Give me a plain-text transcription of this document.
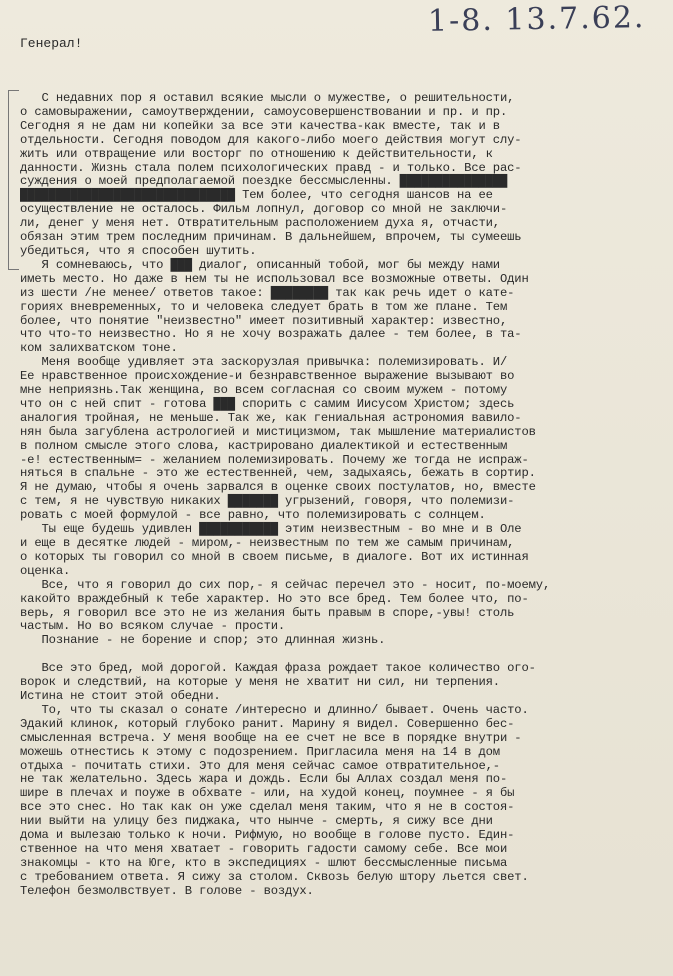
1-8. 13.7.62.
Генерал!
С недавних пор я оставил всякие мысли о мужестве, о решительности,
о самовыражении, самоутверждении, самоусовершенствовании и пр. и пр.
Сегодня я не дам ни копейки за все эти качества-как вместе, так и в
отдельности. Сегодня поводом для какого-либо моего действия могут слу-
жить или отвращение или восторг по отношению к действительности, к
данности. Жизнь стала полем психологических правд - и только. Все рас-
суждения о моей предполагаемой поездке бессмысленны. ███████████████
██████████████████████████████ Тем более, что сегодня шансов на ее
осуществление не осталось. Фильм лопнул, договор со мной не заключи-
ли, денег у меня нет. Отвратительным расположением духа я, отчасти,
обязан этим трем последним причинам. В дальнейшем, впрочем, ты сумеешь
убедиться, что я способен шутить.
Я сомневаюсь, что ███ диалог, описанный тобой, мог бы между нами
иметь место. Но даже в нем ты не использовал все возможные ответы. Один
из шести /не менее/ ответов такое: ████████ так как речь идет о кате-
гориях вневременных, то и человека следует брать в том же плане. Тем
более, что понятие "неизвестно" имеет позитивный характер: известно,
что что-то неизвестно. Но я не хочу возражать далее - тем более, в та-
ком залихватском тоне.
Меня вообще удивляет эта заскорузлая привычка: полемизировать. И/
Ее нравственное происхождение-и безнравственное выражение вызывают во
мне неприязнь.Так женщина, во всем согласная со своим мужем - потому
что он с ней спит - готова ███ спорить с самим Иисусом Христом; здесь
аналогия тройная, не меньше. Так же, как гениальная астрономия вавило-
нян была загублена астрологией и мистицизмом, так мышление материалистов
в полном смысле этого слова, кастрировано диалектикой и естественным
-е! естественным= - желанием полемизировать. Почему же тогда не испраж-
няться в спальне - это же естественней, чем, задыхаясь, бежать в сортир.
Я не думаю, чтобы я очень зарвался в оценке своих постулатов, но, вместе
с тем, я не чувствую никаких ███████ угрызений, говоря, что полемизи-
ровать с моей формулой - все равно, что полемизировать с солнцем.
Ты еще будешь удивлен ███████████ этим неизвестным - во мне и в Оле
и еще в десятке людей - миром,- неизвестным по тем же самым причинам,
о которых ты говорил со мной в своем письме, в диалоге. Вот их истинная
оценка.
Все, что я говорил до сих пор,- я сейчас перечел это - носит, по-моему,
какойто враждебный к тебе характер. Но это все бред. Тем более что, по-
верь, я говорил все это не из желания быть правым в споре,-увы! столь
частым. Но во всяком случае - прости.
Познание - не борение и спор; это длинная жизнь.

Все это бред, мой дорогой. Каждая фраза рождает такое количество ого-
ворок и следствий, на которые у меня не хватит ни сил, ни терпения.
Истина не стоит этой обедни.
То, что ты сказал о сонате /интересно и длинно/ бывает. Очень часто.
Эдакий клинок, который глубоко ранит. Марину я видел. Совершенно бес-
смысленная встреча. У меня вообще на ее счет не все в порядке внутри -
можешь отнестись к этому с подозрением. Пригласила меня на 14 в дом
отдыха - почитать стихи. Это для меня сейчас самое отвратительное,-
не так желательно. Здесь жара и дождь. Если бы Аллах создал меня по-
шире в плечах и поуже в обхвате - или, на худой конец, поумнее - я бы
все это снес. Но так как он уже сделал меня таким, что я не в состоя-
нии выйти на улицу без пиджака, что нынче - смерть, я сижу все дни
дома и вылезаю только к ночи. Рифмую, но вообще в голове пусто. Един-
ственное на что меня хватает - говорить гадости самому себе. Все мои
знакомцы - кто на Юге, кто в экспедициях - шлют бессмысленные письма
с требованием ответа. Я сижу за столом. Сквозь белую штору льется свет.
Телефон безмолвствует. В голове - воздух.
